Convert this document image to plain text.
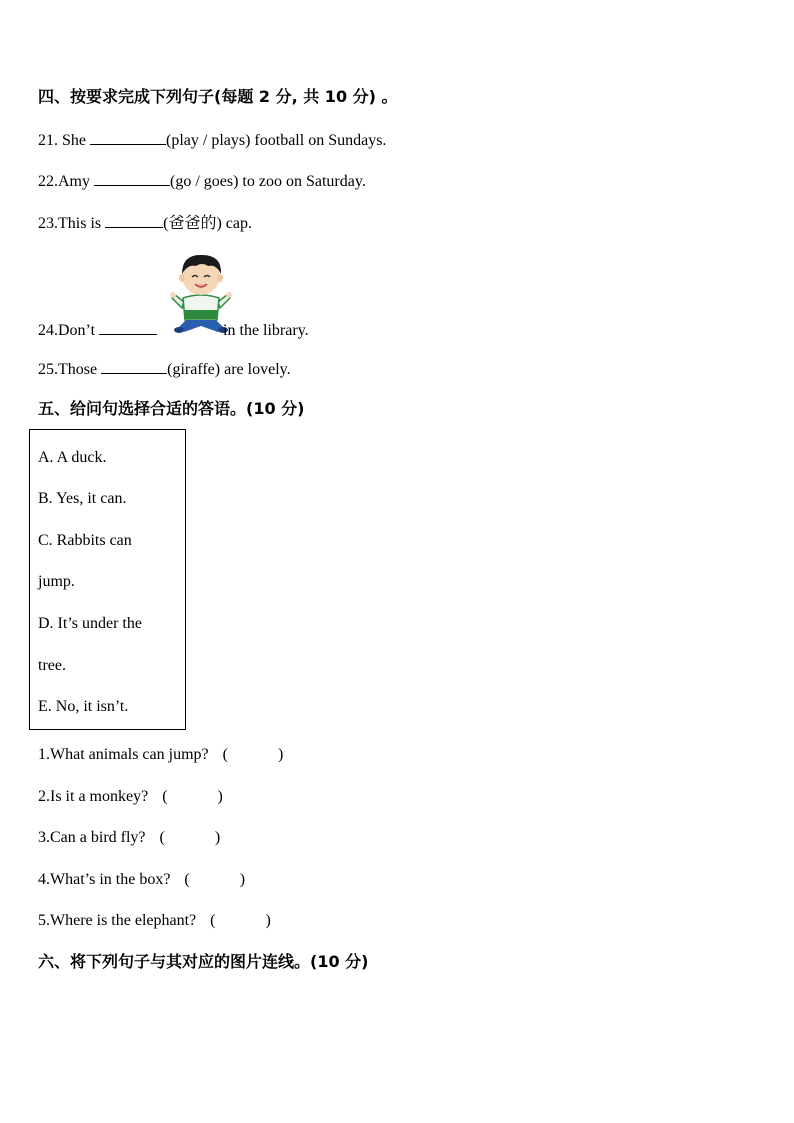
四、按要求完成下列句子(每题 2 分, 共 10 分) 。
21. She	(play / plays) football on Sundays.
22.Amy	(go / goes) to zoo on Saturday.
23.This is	(爸爸的) cap.
24.Don’t	in the library.
25.Those	(giraffe) are lovely.
五、给问句选择合适的答语。(10 分)
A. A duck.
B. Yes, it can.
C. Rabbits can
jump.
D. It’s under the
tree.
E. No, it isn’t.
1.What animals can jump? (	)
2.Is it a monkey? (	)
3.Can a bird fly? (	)
4.What’s in the box? (	)
5.Where is the elephant? (	)
六、将下列句子与其对应的图片连线。(10 分)
